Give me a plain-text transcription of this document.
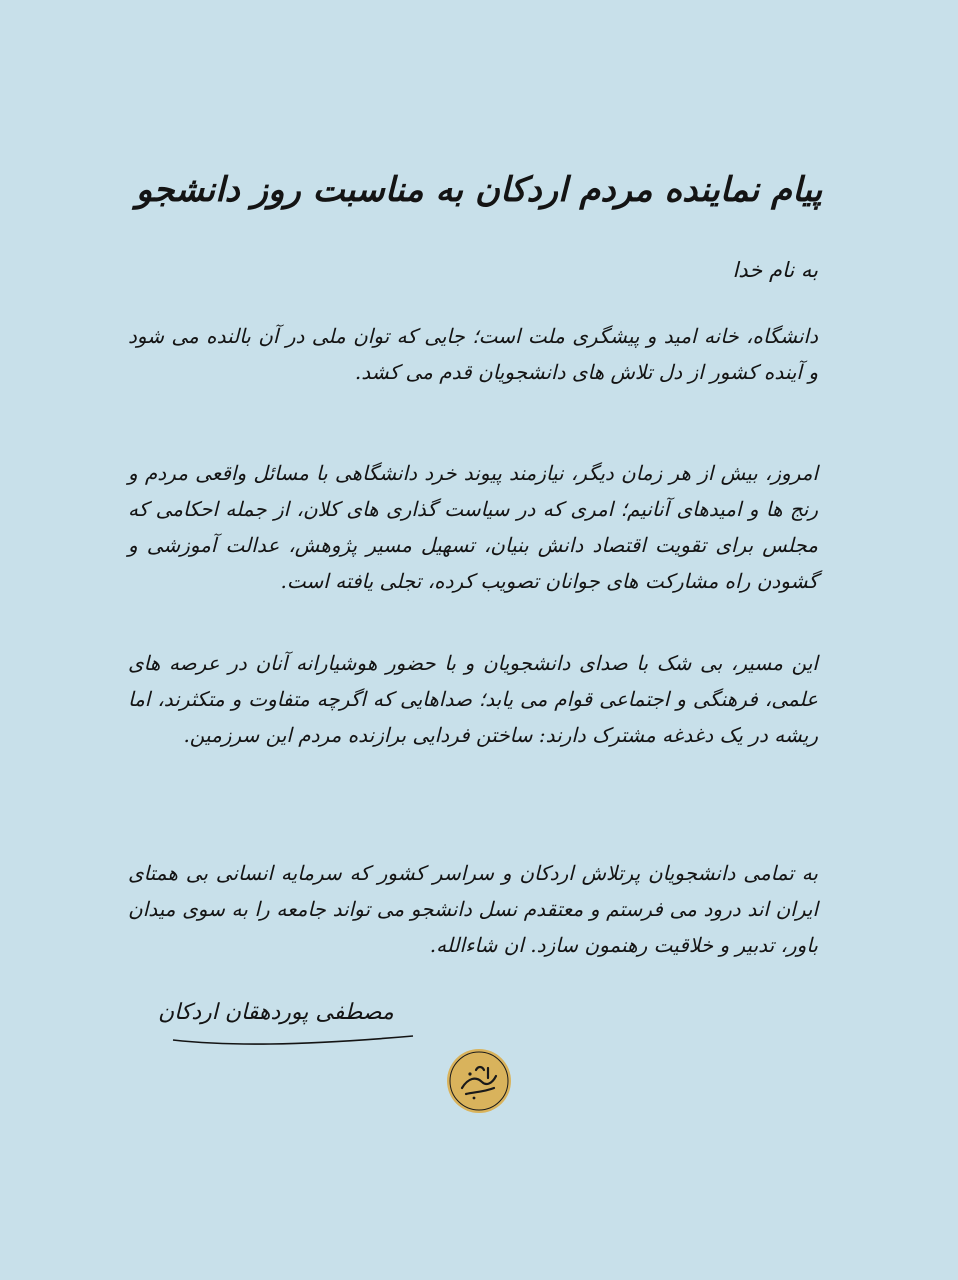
پیام نماینده مردم اردکان به مناسبت روز دانشجو

به نام خدا

دانشگاه، خانه امید و پیشگری ملت است؛ جایی که توان ملی در آن بالنده می شود و آینده کشور از دل تلاش های دانشجویان قدم می کشد.

امروز، بیش از هر زمان دیگر، نیازمند پیوند خرد دانشگاهی با مسائل واقعی مردم و رنج ها و امیدهای آنانیم؛ امری که در سیاست گذاری های کلان، از جمله احکامی که مجلس برای تقویت اقتصاد دانش بنیان، تسهیل مسیر پژوهش، عدالت آموزشی و گشودن راه مشارکت های جوانان تصویب کرده، تجلی یافته است.

این مسیر، بی شک با صدای دانشجویان و با حضور هوشیارانه آنان در عرصه های علمی، فرهنگی و اجتماعی قوام می یابد؛ صداهایی که اگرچه متفاوت و متکثرند، اما ریشه در یک دغدغه مشترک دارند: ساختن فردایی برازنده مردم این سرزمین.

به تمامی دانشجویان پرتلاش اردکان و سراسر کشور که سرمایه انسانی بی همتای ایران اند درود می فرستم و معتقدم نسل دانشجو می تواند جامعه را به سوی میدان باور، تدبیر و خلاقیت رهنمون سازد. ان شاءالله.

مصطفی پوردهقان اردکان
